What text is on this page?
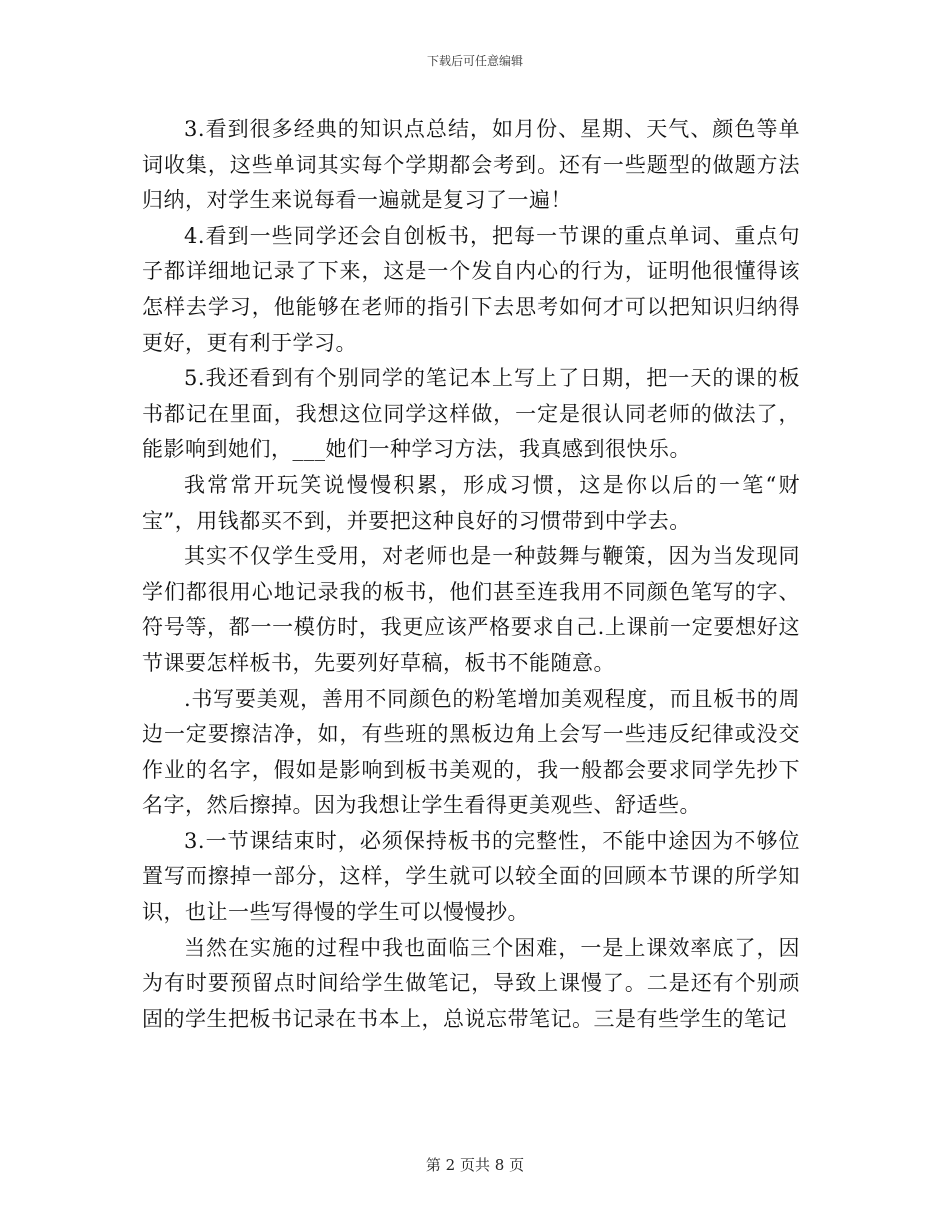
下载后可任意编辑

3.看到很多经典的知识点总结，如月份、星期、天气、颜色等单词收集，这些单词其实每个学期都会考到。还有一些题型的做题方法归纳，对学生来说每看一遍就是复习了一遍！

4.看到一些同学还会自创板书，把每一节课的重点单词、重点句子都详细地记录了下来，这是一个发自内心的行为，证明他很懂得该怎样去学习，他能够在老师的指引下去思考如何才可以把知识归纳得更好，更有利于学习。

5.我还看到有个别同学的笔记本上写上了日期，把一天的课的板书都记在里面，我想这位同学这样做，一定是很认同老师的做法了，能影响到她们，___她们一种学习方法，我真感到很快乐。

我常常开玩笑说慢慢积累，形成习惯，这是你以后的一笔“财宝”，用钱都买不到，并要把这种良好的习惯带到中学去。

其实不仅学生受用，对老师也是一种鼓舞与鞭策，因为当发现同学们都很用心地记录我的板书，他们甚至连我用不同颜色笔写的字、符号等，都一一模仿时，我更应该严格要求自己.上课前一定要想好这节课要怎样板书，先要列好草稿，板书不能随意。

.书写要美观，善用不同颜色的粉笔增加美观程度，而且板书的周边一定要擦洁净，如，有些班的黑板边角上会写一些违反纪律或没交作业的名字，假如是影响到板书美观的，我一般都会要求同学先抄下名字，然后擦掉。因为我想让学生看得更美观些、舒适些。

3.一节课结束时，必须保持板书的完整性，不能中途因为不够位置写而擦掉一部分，这样，学生就可以较全面的回顾本节课的所学知识，也让一些写得慢的学生可以慢慢抄。

当然在实施的过程中我也面临三个困难，一是上课效率底了，因为有时要预留点时间给学生做笔记，导致上课慢了。二是还有个别顽固的学生把板书记录在书本上，总说忘带笔记。三是有些学生的笔记

第 2 页共 8 页
